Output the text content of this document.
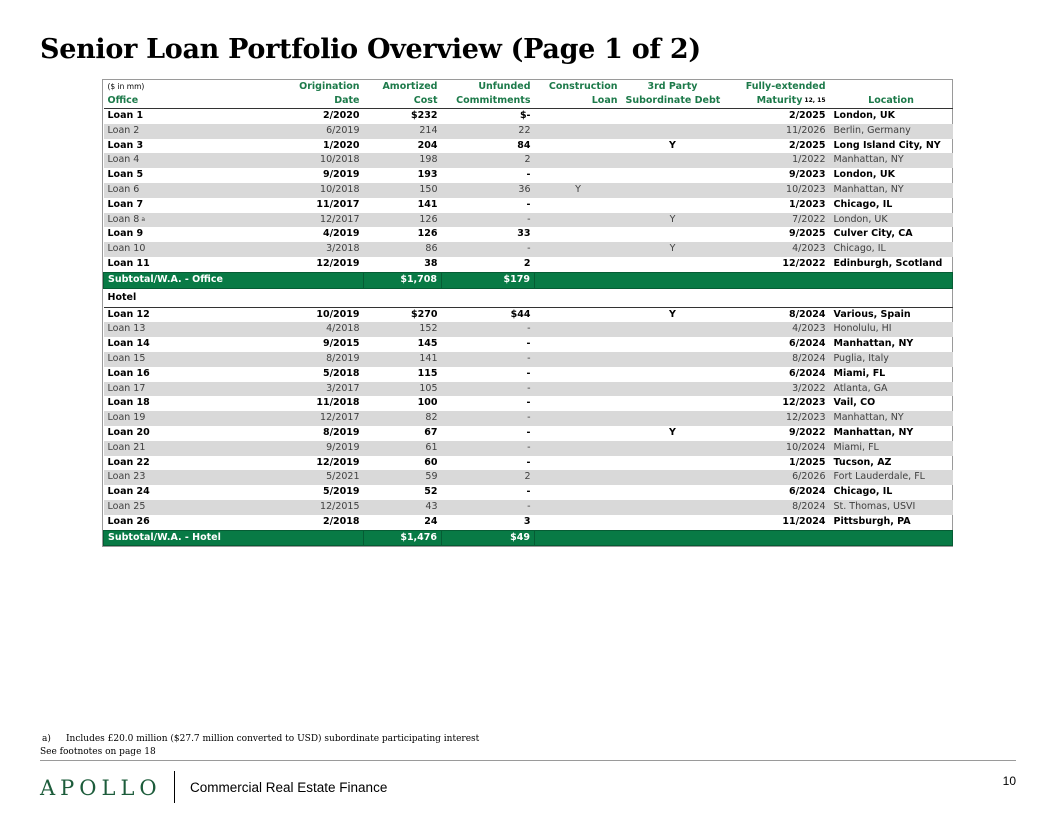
Senior Loan Portfolio Overview (Page 1 of 2)
($ in mm)	Origination	Amortized	Unfunded	Construction	3rd Party	Fully-extended	
Office	Date	Cost	Commitments	Loan	Subordinate Debt	Maturity $^{12, 15}$	Location
Loan 1	2/2020	$232	$-			2/2025	London, UK
Loan 2	6/2019	214	22			11/2026	Berlin, Germany
Loan 3	1/2020	204	84		Y	2/2025	Long Island City, NY
Loan 4	10/2018	198	2			1/2022	Manhattan, NY
Loan 5	9/2019	193	-			9/2023	London, UK
Loan 6	10/2018	150	36	Y		10/2023	Manhattan, NY
Loan 7	11/2017	141	-			1/2023	Chicago, IL
Loan 8 $^a$	12/2017	126	-		Y	7/2022	London, UK
Loan 9	4/2019	126	33			9/2025	Culver City, CA
Loan 10	3/2018	86	-		Y	4/2023	Chicago, IL
Loan 11	12/2019	38	2			12/2022	Edinburgh, Scotland
Subtotal/W.A. - Office		$1,708	$179				
Hotel							
Loan 12	10/2019	$270	$44		Y	8/2024	Various, Spain
Loan 13	4/2018	152	-			4/2023	Honolulu, HI
Loan 14	9/2015	145	-			6/2024	Manhattan, NY
Loan 15	8/2019	141	-			8/2024	Puglia, Italy
Loan 16	5/2018	115	-			6/2024	Miami, FL
Loan 17	3/2017	105	-			3/2022	Atlanta, GA
Loan 18	11/2018	100	-			12/2023	Vail, CO
Loan 19	12/2017	82	-			12/2023	Manhattan, NY
Loan 20	8/2019	67	-		Y	9/2022	Manhattan, NY
Loan 21	9/2019	61	-			10/2024	Miami, FL
Loan 22	12/2019	60	-			1/2025	Tucson, AZ
Loan 23	5/2021	59	2			6/2026	Fort Lauderdale, FL
Loan 24	5/2019	52	-			6/2024	Chicago, IL
Loan 25	12/2015	43	-			8/2024	St. Thomas, USVI
Loan 26	2/2018	24	3			11/2024	Pittsburgh, PA
Subtotal/W.A. - Hotel		$1,476	$49				
a) Includes £20.0 million ($27.7 million converted to USD) subordinate participating interest
See footnotes on page 18
APOLLO Commercial Real Estate Finance	10
